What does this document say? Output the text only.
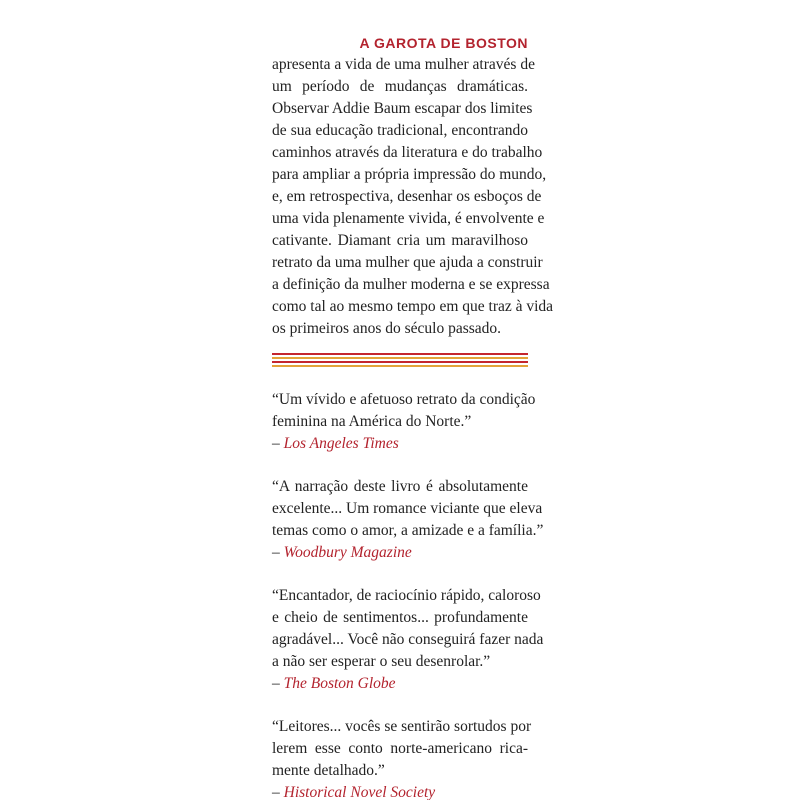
A GAROTA DE BOSTON

apresenta a vida de uma mulher através de
um período de mudanças dramáticas.
Observar Addie Baum escapar dos limites
de sua educação tradicional, encontrando
caminhos através da literatura e do trabalho
para ampliar a própria impressão do mundo,
e, em retrospectiva, desenhar os esboços de
uma vida plenamente vivida, é envolvente e
cativante. Diamant cria um maravilhoso
retrato da uma mulher que ajuda a construir
a definição da mulher moderna e se expressa
como tal ao mesmo tempo em que traz à vida
os primeiros anos do século passado.

“Um vívido e afetuoso retrato da condição
feminina na América do Norte.”
– Los Angeles Times
“A narração deste livro é absolutamente
excelente... Um romance viciante que eleva
temas como o amor, a amizade e a família.”
– Woodbury Magazine
“Encantador, de raciocínio rápido, caloroso
e cheio de sentimentos... profundamente
agradável... Você não conseguirá fazer nada
a não ser esperar o seu desenrolar.”
– The Boston Globe
“Leitores... vocês se sentirão sortudos por
lerem esse conto norte-americano rica-
mente detalhado.”
– Historical Novel Society
